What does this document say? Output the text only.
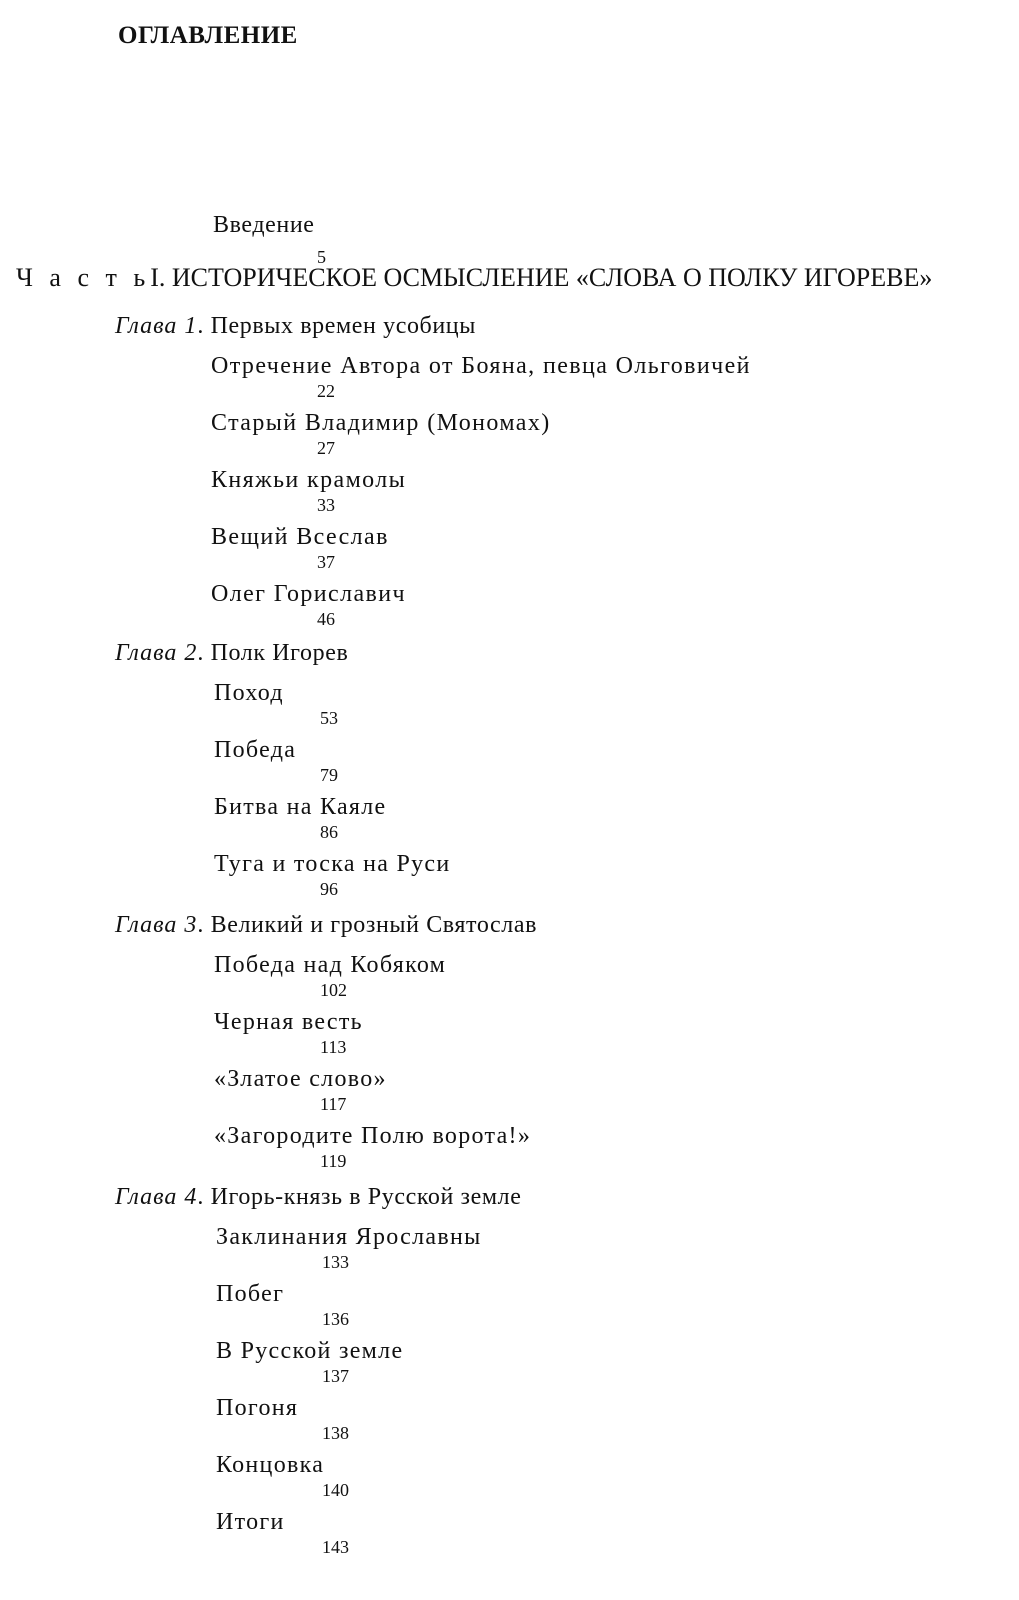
ОГЛАВЛЕНИЕ
Введение
5
Ч а с т ьI. ИСТОРИЧЕСКОЕ ОСМЫСЛЕНИЕ «СЛОВА О ПОЛКУ ИГОРЕВЕ»
Глава 1. Первых времен усобицы
Отречение Автора от Бояна, певца Ольговичей
22
Старый Владимир (Мономах)
27
Княжьи крамолы
33
Вещий Всеслав
37
Олег Гориславич
46
Глава 2. Полк Игорев
Поход
53
Победа
79
Битва на Каяле
86
Туга и тоска на Руси
96
Глава 3. Великий и грозный Святослав
Победа над Кобяком
102
Черная весть
113
«Златое слово»
117
«Загородите Полю ворота!»
119
Глава 4. Игорь-князь в Русской земле
Заклинания Ярославны
133
Побег
136
В Русской земле
137
Погоня
138
Концовка
140
Итоги
143
